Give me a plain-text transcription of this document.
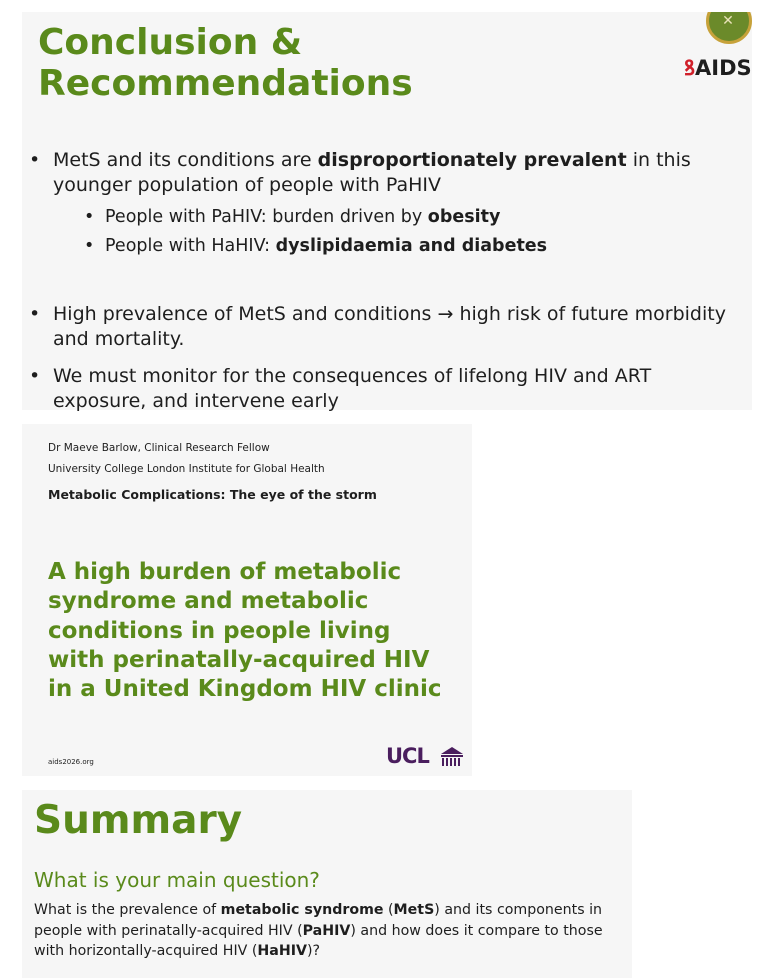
Conclusion &
Recommendations
• MetS and its conditions are disproportionately prevalent in this younger population of people with PaHIV
• People with PaHIV: burden driven by obesity
• People with HaHIV: dyslipidaemia and diabetes
• High prevalence of MetS and conditions → high risk of future morbidity and mortality.
• We must monitor for the consequences of lifelong HIV and ART exposure, and intervene early
✕
ꝸAIDS
Dr Maeve Barlow, Clinical Research Fellow
University College London Institute for Global Health
Metabolic Complications: The eye of the storm
A high burden of metabolic
syndrome and metabolic
conditions in people living
with perinatally-acquired HIV
in a United Kingdom HIV clinic
aids2026.org	UCL
Summary
What is your main question?
What is the prevalence of metabolic syndrome (MetS) and its components in people with perinatally-acquired HIV (PaHIV) and how does it compare to those with horizontally-acquired HIV (HaHIV)?
